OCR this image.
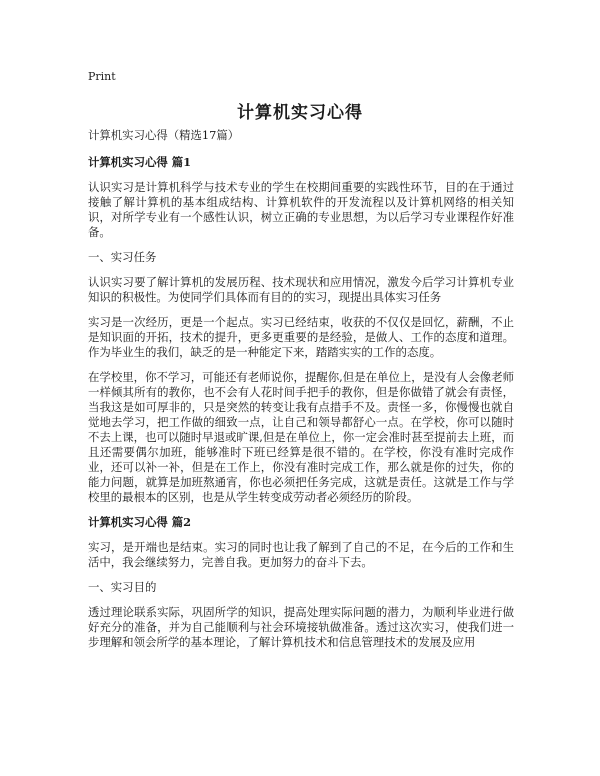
Print
计算机实习心得
计算机实习心得（精选17篇）
计算机实习心得 篇1
认识实习是计算机科学与技术专业的学生在校期间重要的实践性环节，目的在于通过接触了解计算机的基本组成结构、计算机软件的开发流程以及计算机网络的相关知识，对所学专业有一个感性认识，树立正确的专业思想，为以后学习专业课程作好准备。
一、实习任务
认识实习要了解计算机的发展历程、技术现状和应用情况，激发今后学习计算机专业知识的积极性。为使同学们具体而有目的的实习，现提出具体实习任务
实习是一次经历，更是一个起点。实习已经结束，收获的不仅仅是回忆，薪酬，不止是知识面的开拓，技术的提升，更多更重要的是经验，是做人、工作的态度和道理。作为毕业生的我们，缺乏的是一种能定下来，踏踏实实的工作的态度。
在学校里，你不学习，可能还有老师说你，提醒你,但是在单位上，是没有人会像老师一样倾其所有的教你，也不会有人花时间手把手的教你，但是你做错了就会有责怪，当我这是如可厚非的，只是突然的转变让我有点措手不及。责怪一多，你慢慢也就自觉地去学习，把工作做的细致一点，让自己和领导都舒心一点。在学校，你可以随时不去上课，也可以随时早退或旷课,但是在单位上，你一定会准时甚至提前去上班，而且还需要偶尔加班，能够准时下班已经算是很不错的。在学校，你没有准时完成作业，还可以补一补，但是在工作上，你没有准时完成工作，那么就是你的过失，你的能力问题，就算是加班熬通宵，你也必须把任务完成，这就是责任。这就是工作与学校里的最根本的区别，也是从学生转变成劳动者必须经历的阶段。
计算机实习心得 篇2
实习，是开端也是结束。实习的同时也让我了解到了自己的不足，在今后的工作和生活中，我会继续努力，完善自我。更加努力的奋斗下去。
一、实习目的
透过理论联系实际，巩固所学的知识，提高处理实际问题的潜力，为顺利毕业进行做好充分的准备，并为自己能顺利与社会环境接轨做准备。透过这次实习，使我们进一步理解和领会所学的基本理论，了解计算机技术和信息管理技术的发展及应用
